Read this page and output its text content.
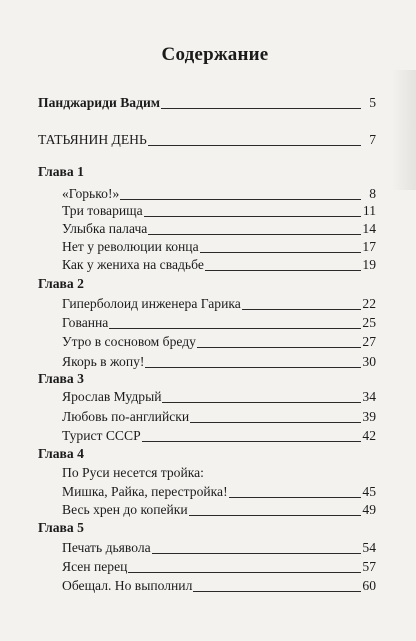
Содержание
Панджариди Вадим	5
ТАТЬЯНИН ДЕНЬ	7
Глава 1
«Горько!»	8
Три товарища	11
Улыбка палача	14
Нет у революции конца	17
Как у жениха на свадьбе	19
Глава 2
Гиперболоид инженера Гарика	22
Гованна	25
Утро в сосновом бреду	27
Якорь в жопу!	30
Глава 3
Ярослав Мудрый	34
Любовь по-английски	39
Турист СССР	42
Глава 4
По Руси несется тройка:
Мишка, Райка, перестройка!	45
Весь хрен до копейки	49
Глава 5
Печать дьявола	54
Ясен перец	57
Обещал. Но выполнил	60
